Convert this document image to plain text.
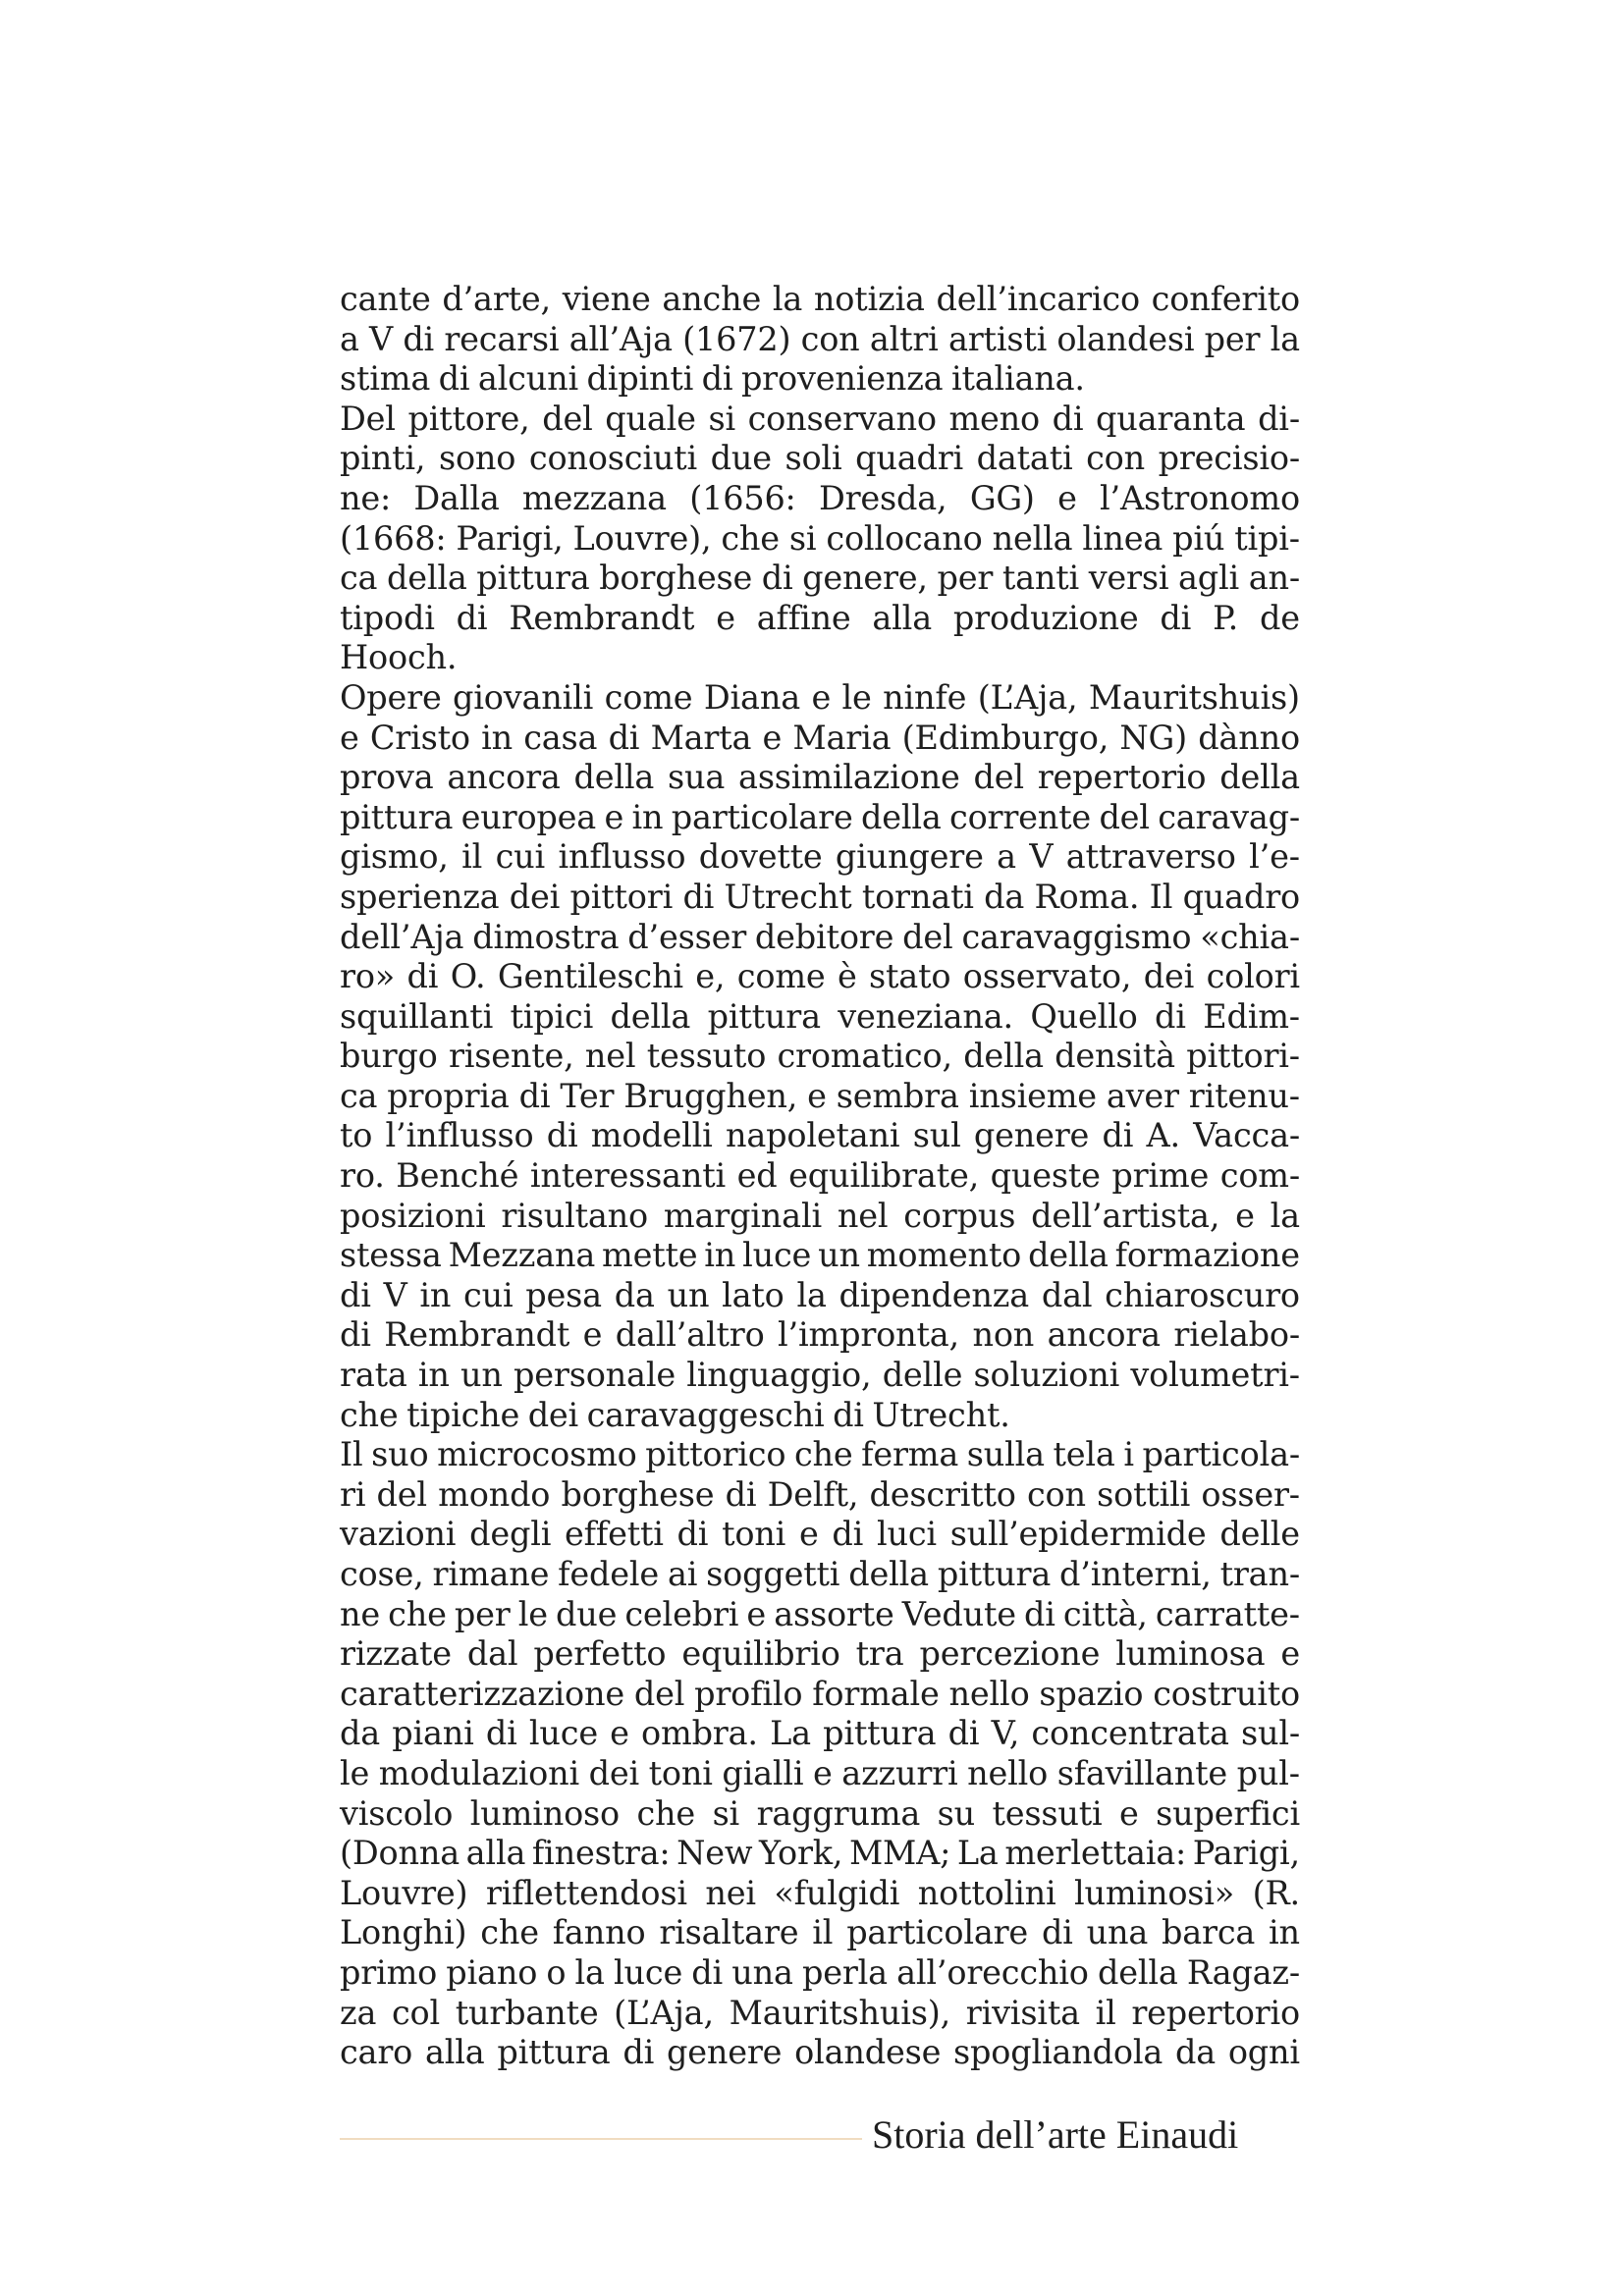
cante d’arte, viene anche la notizia dell’incarico conferito
a V di recarsi all’Aja (1672) con altri artisti olandesi per la
stima di alcuni dipinti di provenienza italiana.
Del pittore, del quale si conservano meno di quaranta di-
pinti, sono conosciuti due soli quadri datati con precisio-
ne: Dalla mezzana (1656: Dresda, GG) e l’Astronomo
(1668: Parigi, Louvre), che si collocano nella linea piú tipi-
ca della pittura borghese di genere, per tanti versi agli an-
tipodi di Rembrandt e affine alla produzione di P. de
Hooch.
Opere giovanili come Diana e le ninfe (L’Aja, Mauritshuis)
e Cristo in casa di Marta e Maria (Edimburgo, NG) dànno
prova ancora della sua assimilazione del repertorio della
pittura europea e in particolare della corrente del caravag-
gismo, il cui influsso dovette giungere a V attraverso l’e-
sperienza dei pittori di Utrecht tornati da Roma. Il quadro
dell’Aja dimostra d’esser debitore del caravaggismo «chia-
ro» di O. Gentileschi e, come è stato osservato, dei colori
squillanti tipici della pittura veneziana. Quello di Edim-
burgo risente, nel tessuto cromatico, della densità pittori-
ca propria di Ter Brugghen, e sembra insieme aver ritenu-
to l’influsso di modelli napoletani sul genere di A. Vacca-
ro. Benché interessanti ed equilibrate, queste prime com-
posizioni risultano marginali nel corpus dell’artista, e la
stessa Mezzana mette in luce un momento della formazione
di V in cui pesa da un lato la dipendenza dal chiaroscuro
di Rembrandt e dall’altro l’impronta, non ancora rielabo-
rata in un personale linguaggio, delle soluzioni volumetri-
che tipiche dei caravaggeschi di Utrecht.
Il suo microcosmo pittorico che ferma sulla tela i particola-
ri del mondo borghese di Delft, descritto con sottili osser-
vazioni degli effetti di toni e di luci sull’epidermide delle
cose, rimane fedele ai soggetti della pittura d’interni, tran-
ne che per le due celebri e assorte Vedute di città, carratte-
rizzate dal perfetto equilibrio tra percezione luminosa e
caratterizzazione del profilo formale nello spazio costruito
da piani di luce e ombra. La pittura di V, concentrata sul-
le modulazioni dei toni gialli e azzurri nello sfavillante pul-
viscolo luminoso che si raggruma su tessuti e superfici
(Donna alla finestra: New York, MMA; La merlettaia: Parigi,
Louvre) riflettendosi nei «fulgidi nottolini luminosi» (R.
Longhi) che fanno risaltare il particolare di una barca in
primo piano o la luce di una perla all’orecchio della Ragaz-
za col turbante (L’Aja, Mauritshuis), rivisita il repertorio
caro alla pittura di genere olandese spogliandola da ogni
Storia dell’arte Einaudi
